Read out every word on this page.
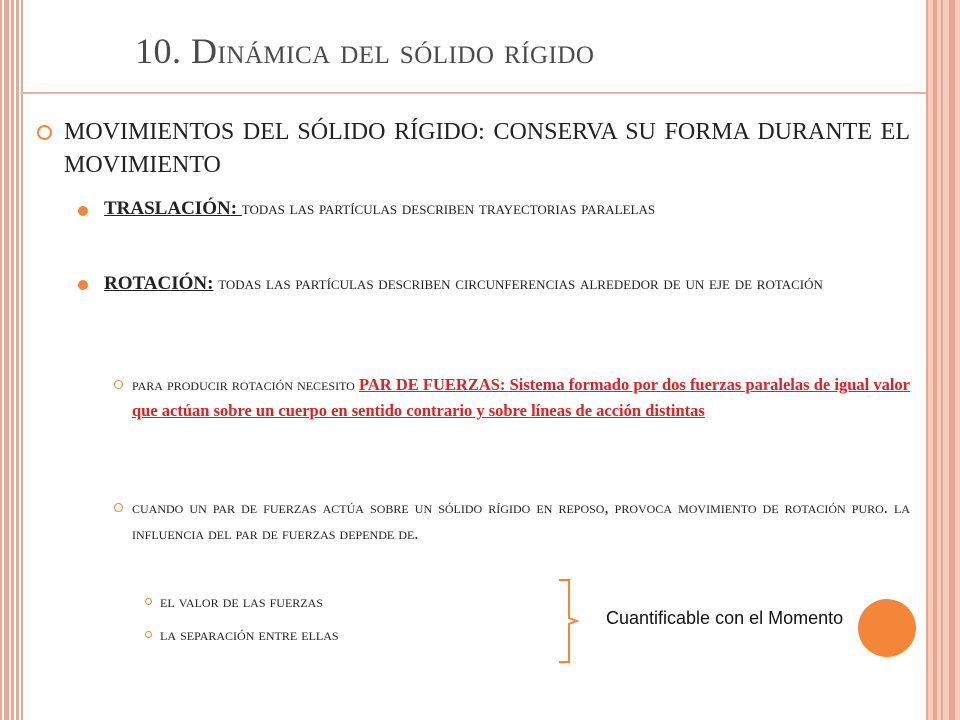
10. Dinámica del sólido rígido
MOVIMIENTOS DEL SÓLIDO RÍGIDO: CONSERVA SU FORMA DURANTE EL MOVIMIENTO
TRASLACIÓN: todas las partículas describen trayectorias paralelas
ROTACIÓN: todas las partículas describen circunferencias alrededor de un eje de rotación
para producir rotación necesito PAR DE FUERZAS: Sistema formado por dos fuerzas paralelas de igual valor que actúan sobre un cuerpo en sentido contrario y sobre líneas de acción distintas
cuando un par de fuerzas actúa sobre un sólido rígido en reposo, provoca movimiento de rotación puro. la influencia del par de fuerzas depende de.
el valor de las fuerzas
la separación entre ellas
Cuantificable con el Momento
